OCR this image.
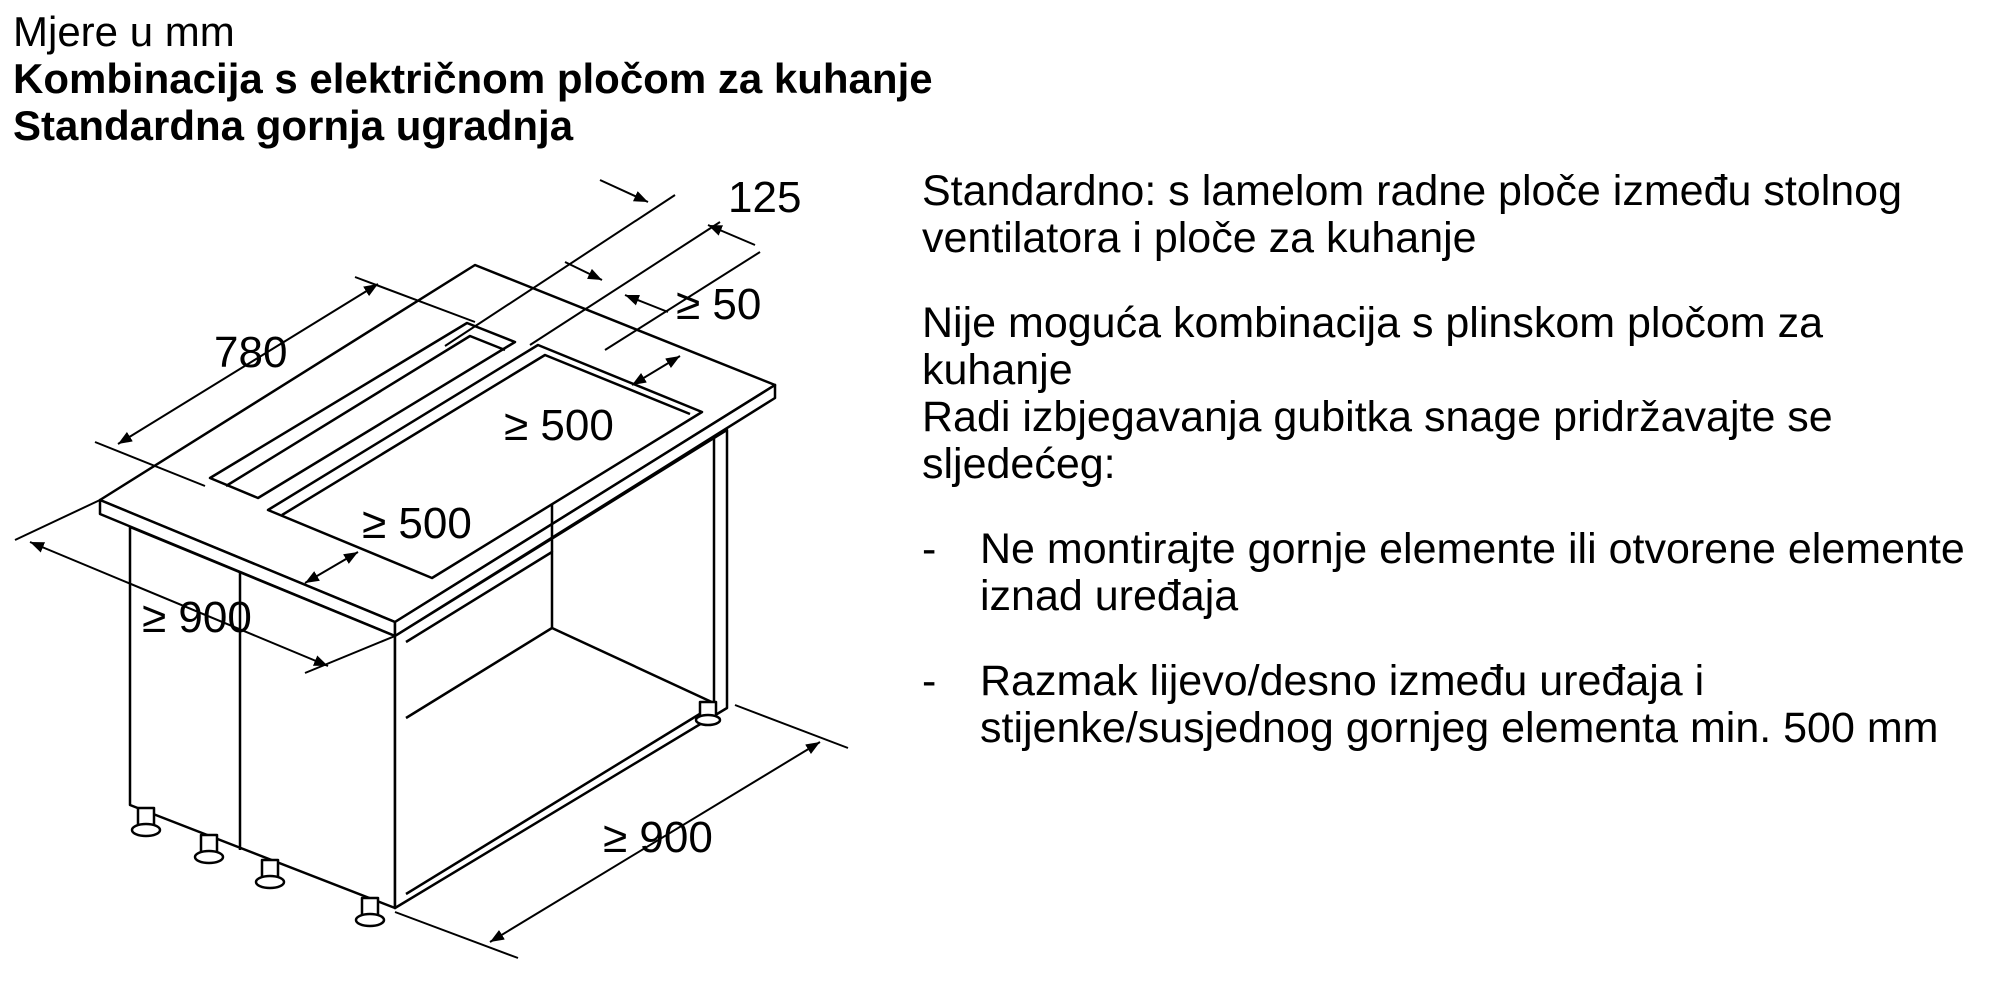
Mjere u mm
Kombinacija s električnom pločom za kuhanje
Standardna gornja ugradnja
125
≥ 50
780
≥ 500
≥ 500
≥ 900
≥ 900

Standardno: s lamelom radne ploče između stolnog ventilatora i ploče za kuhanje

Nije moguća kombinacija s plinskom pločom za kuhanje
Radi izbjegavanja gubitka snage pridržavajte se sljedećeg:

-	Ne montirajte gornje elemente ili otvorene elemente iznad uređaja
-	Razmak lijevo/desno između uređaja i stijenke/susjednog gornjeg elementa min. 500 mm
